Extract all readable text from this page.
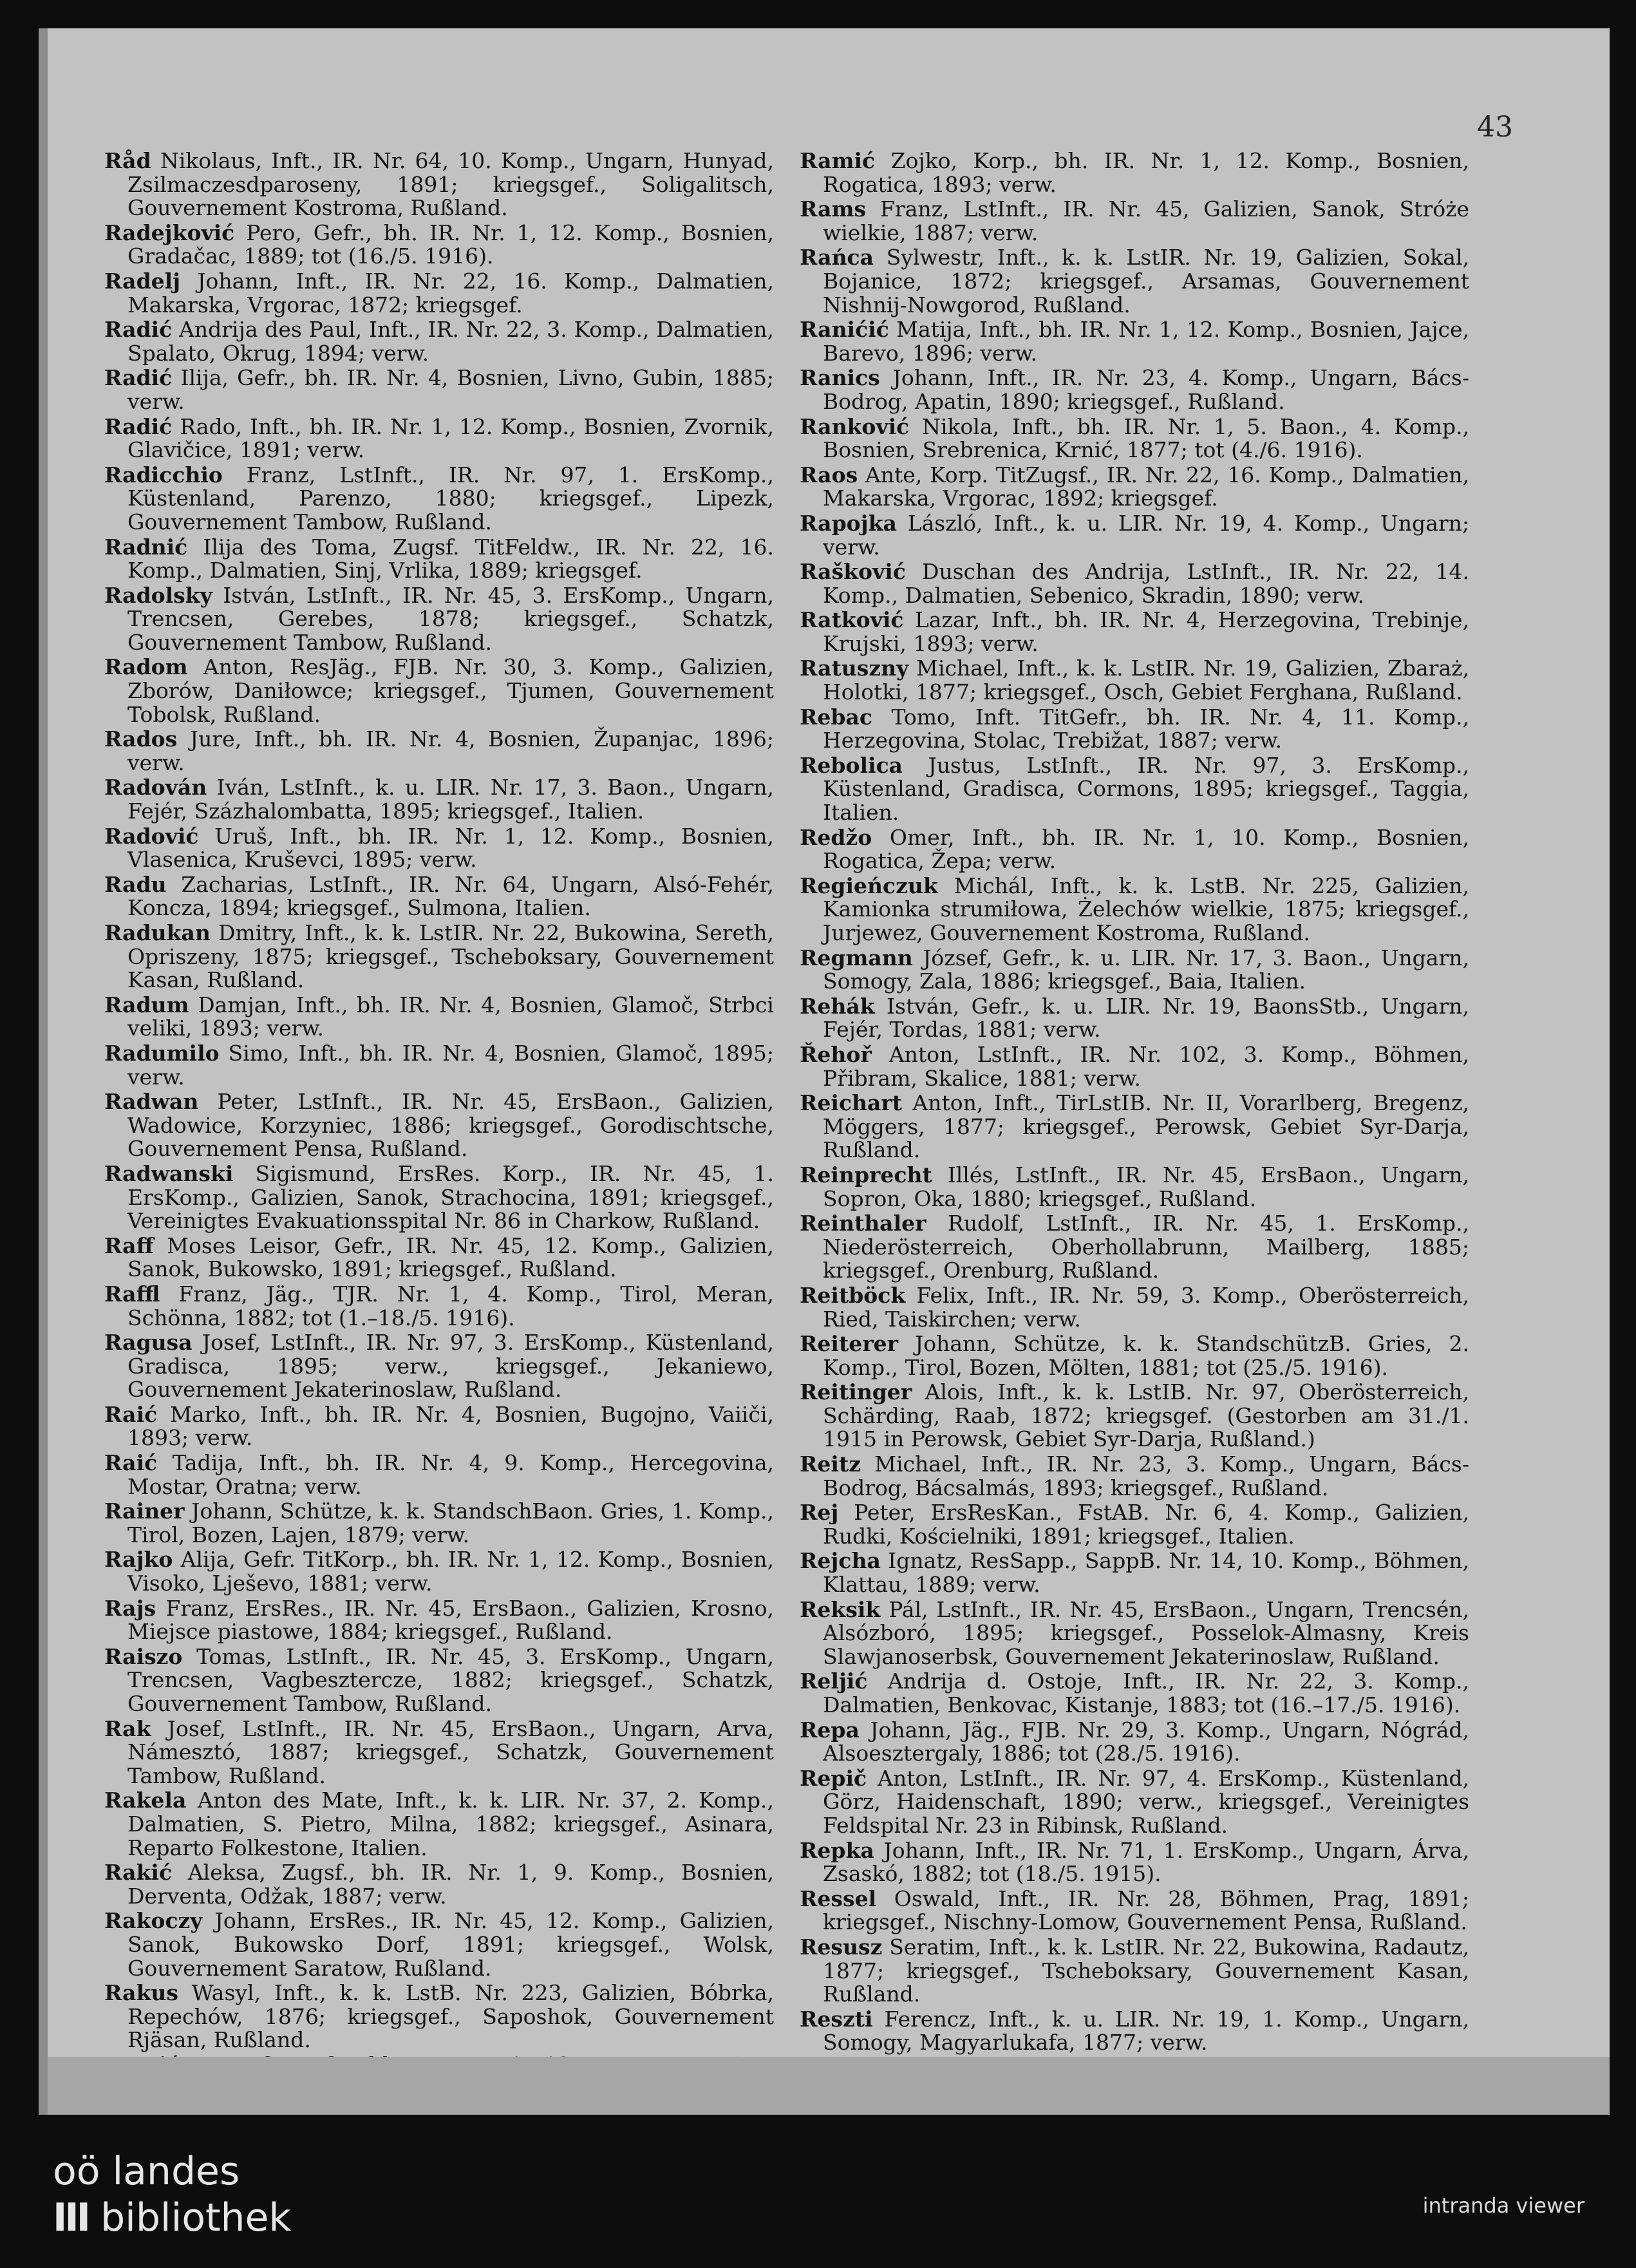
43
Råd Nikolaus, Inft., IR. Nr. 64, 10. Komp., Ungarn, Hunyad, Zsilmaczesdparoseny, 1891; kriegsgef., Soligalitsch, Gouvernement Kostroma, Rußland.
Radejković Pero, Gefr., bh. IR. Nr. 1, 12. Komp., Bosnien, Gradačac, 1889; tot (16./5. 1916).
Radelj Johann, Inft., IR. Nr. 22, 16. Komp., Dalmatien, Makarska, Vrgorac, 1872; kriegsgef.
Radić Andrija des Paul, Inft., IR. Nr. 22, 3. Komp., Dalmatien, Spalato, Okrug, 1894; verw.
Radić Ilija, Gefr., bh. IR. Nr. 4, Bosnien, Livno, Gubin, 1885; verw.
Radić Rado, Inft., bh. IR. Nr. 1, 12. Komp., Bosnien, Zvornik, Glavičice, 1891; verw.
Radicchio Franz, LstInft., IR. Nr. 97, 1. ErsKomp., Küstenland, Parenzo, 1880; kriegsgef., Lipezk, Gouvernement Tambow, Rußland.
Radnić Ilija des Toma, Zugsf. TitFeldw., IR. Nr. 22, 16. Komp., Dalmatien, Sinj, Vrlika, 1889; kriegsgef.
Radolsky István, LstInft., IR. Nr. 45, 3. ErsKomp., Ungarn, Trencsen, Gerebes, 1878; kriegsgef., Schatzk, Gouvernement Tambow, Rußland.
Radom Anton, ResJäg., FJB. Nr. 30, 3. Komp., Galizien, Zborów, Daniłowce; kriegsgef., Tjumen, Gouvernement Tobolsk, Rußland.
Rados Jure, Inft., bh. IR. Nr. 4, Bosnien, Županjac, 1896; verw.
Radován Iván, LstInft., k. u. LIR. Nr. 17, 3. Baon., Ungarn, Fejér, Százhalombatta, 1895; kriegsgef., Italien.
Radović Uruš, Inft., bh. IR. Nr. 1, 12. Komp., Bosnien, Vlasenica, Kruševci, 1895; verw.
Radu Zacharias, LstInft., IR. Nr. 64, Ungarn, Alsó-Fehér, Koncza, 1894; kriegsgef., Sulmona, Italien.
Radukan Dmitry, Inft., k. k. LstIR. Nr. 22, Bukowina, Sereth, Opriszeny, 1875; kriegsgef., Tscheboksary, Gouvernement Kasan, Rußland.
Radum Damjan, Inft., bh. IR. Nr. 4, Bosnien, Glamoč, Strbci veliki, 1893; verw.
Radumilo Simo, Inft., bh. IR. Nr. 4, Bosnien, Glamoč, 1895; verw.
Radwan Peter, LstInft., IR. Nr. 45, ErsBaon., Galizien, Wadowice, Korzyniec, 1886; kriegsgef., Gorodischtsche, Gouvernement Pensa, Rußland.
Radwanski Sigismund, ErsRes. Korp., IR. Nr. 45, 1. ErsKomp., Galizien, Sanok, Strachocina, 1891; kriegsgef., Vereinigtes Evakuationsspital Nr. 86 in Charkow, Rußland.
Raff Moses Leisor, Gefr., IR. Nr. 45, 12. Komp., Galizien, Sanok, Bukowsko, 1891; kriegsgef., Rußland.
Raffl Franz, Jäg., TJR. Nr. 1, 4. Komp., Tirol, Meran, Schönna, 1882; tot (1.–18./5. 1916).
Ragusa Josef, LstInft., IR. Nr. 97, 3. ErsKomp., Küstenland, Gradisca, 1895; verw., kriegsgef., Jekaniewo, Gouvernement Jekaterinoslaw, Rußland.
Raić Marko, Inft., bh. IR. Nr. 4, Bosnien, Bugojno, Vaiiči, 1893; verw.
Raić Tadija, Inft., bh. IR. Nr. 4, 9. Komp., Hercegovina, Mostar, Oratna; verw.
Rainer Johann, Schütze, k. k. StandschBaon. Gries, 1. Komp., Tirol, Bozen, Lajen, 1879; verw.
Rajko Alija, Gefr. TitKorp., bh. IR. Nr. 1, 12. Komp., Bosnien, Visoko, Lješevo, 1881; verw.
Rajs Franz, ErsRes., IR. Nr. 45, ErsBaon., Galizien, Krosno, Miejsce piastowe, 1884; kriegsgef., Rußland.
Raiszo Tomas, LstInft., IR. Nr. 45, 3. ErsKomp., Ungarn, Trencsen, Vagbeszterczе, 1882; kriegsgef., Schatzk, Gouvernement Tambow, Rußland.
Rak Josef, LstInft., IR. Nr. 45, ErsBaon., Ungarn, Arva, Námesztó, 1887; kriegsgef., Schatzk, Gouvernement Tambow, Rußland.
Rakela Anton des Mate, Inft., k. k. LIR. Nr. 37, 2. Komp., Dalmatien, S. Pietro, Milna, 1882; kriegsgef., Asinara, Reparto Folkestone, Italien.
Rakić Aleksa, Zugsf., bh. IR. Nr. 1, 9. Komp., Bosnien, Derventa, Odžak, 1887; verw.
Rakoczy Johann, ErsRes., IR. Nr. 45, 12. Komp., Galizien, Sanok, Bukowsko Dorf, 1891; kriegsgef., Wolsk, Gouvernement Saratow, Rußland.
Rakus Wasyl, Inft., k. k. LstB. Nr. 223, Galizien, Bóbrka, Repechów, 1876; kriegsgef., Saposhok, Gouvernement Rjäsan, Rußland.
Ramić Zojko, Korp., bh. IR. Nr. 1, 12. Komp., Bosnien, Rogatica, 1893; verw.
Rams Franz, LstInft., IR. Nr. 45, Galizien, Sanok, Stróże wielkie, 1887; verw.
Rańca Sylwestr, Inft., k. k. LstIR. Nr. 19, Galizien, Sokal, Bojanice, 1872; kriegsgef., Arsamas, Gouvernement Nishnij-Nowgorod, Rußland.
Ranićić Matija, Inft., bh. IR. Nr. 1, 12. Komp., Bosnien, Jajce, Barevo, 1896; verw.
Ranics Johann, Inft., IR. Nr. 23, 4. Komp., Ungarn, Bács-Bodrog, Apatin, 1890; kriegsgef., Rußland.
Ranković Nikola, Inft., bh. IR. Nr. 1, 5. Baon., 4. Komp., Bosnien, Srebrenica, Krnić, 1877; tot (4./6. 1916).
Raos Ante, Korp. TitZugsf., IR. Nr. 22, 16. Komp., Dalmatien, Makarska, Vrgorac, 1892; kriegsgef.
Rapojka László, Inft., k. u. LIR. Nr. 19, 4. Komp., Ungarn; verw.
Rašković Duschan des Andrija, LstInft., IR. Nr. 22, 14. Komp., Dalmatien, Sebenico, Skradin, 1890; verw.
Ratković Lazar, Inft., bh. IR. Nr. 4, Herzegovina, Trebinje, Krujski, 1893; verw.
Ratuszny Michael, Inft., k. k. LstIR. Nr. 19, Galizien, Zbaraż, Holotki, 1877; kriegsgef., Osch, Gebiet Ferghana, Rußland.
Rebac Tomo, Inft. TitGefr., bh. IR. Nr. 4, 11. Komp., Herzegovina, Stolac, Trebižat, 1887; verw.
Rebolica Justus, LstInft., IR. Nr. 97, 3. ErsKomp., Küstenland, Gradisca, Cormons, 1895; kriegsgef., Taggia, Italien.
Redžo Omer, Inft., bh. IR. Nr. 1, 10. Komp., Bosnien, Rogatica, Žepa; verw.
Regieńczuk Michál, Inft., k. k. LstB. Nr. 225, Galizien, Kamionka strumiłowa, Żelechów wielkie, 1875; kriegsgef., Jurjewez, Gouvernement Kostroma, Rußland.
Regmann József, Gefr., k. u. LIR. Nr. 17, 3. Baon., Ungarn, Somogy, Zala, 1886; kriegsgef., Baia, Italien.
Rehák István, Gefr., k. u. LIR. Nr. 19, BaonsStb., Ungarn, Fejér, Tordas, 1881; verw.
Řehoř Anton, LstInft., IR. Nr. 102, 3. Komp., Böhmen, Přibram, Skalice, 1881; verw.
Reichart Anton, Inft., TirLstIB. Nr. II, Vorarlberg, Bregenz, Möggers, 1877; kriegsgef., Perowsk, Gebiet Syr-Darja, Rußland.
Reinprecht Illés, LstInft., IR. Nr. 45, ErsBaon., Ungarn, Sopron, Oka, 1880; kriegsgef., Rußland.
Reinthaler Rudolf, LstInft., IR. Nr. 45, 1. ErsKomp., Niederösterreich, Oberhollabrunn, Mailberg, 1885; kriegsgef., Orenburg, Rußland.
Reitböck Felix, Inft., IR. Nr. 59, 3. Komp., Oberösterreich, Ried, Taiskirchen; verw.
Reiterer Johann, Schütze, k. k. StandschützB. Gries, 2. Komp., Tirol, Bozen, Mölten, 1881; tot (25./5. 1916).
Reitinger Alois, Inft., k. k. LstIB. Nr. 97, Oberösterreich, Schärding, Raab, 1872; kriegsgef. (Gestorben am 31./1. 1915 in Perowsk, Gebiet Syr-Darja, Rußland.)
Reitz Michael, Inft., IR. Nr. 23, 3. Komp., Ungarn, Bács-Bodrog, Bácsalmás, 1893; kriegsgef., Rußland.
Rej Peter, ErsResKan., FstAB. Nr. 6, 4. Komp., Galizien, Rudki, Kościelniki, 1891; kriegsgef., Italien.
Rejcha Ignatz, ResSapp., SappB. Nr. 14, 10. Komp., Böhmen, Klattau, 1889; verw.
Reksik Pál, LstInft., IR. Nr. 45, ErsBaon., Ungarn, Trencsén, Alsózboró, 1895; kriegsgef., Posselok-Almasny, Kreis Slawjanoserbsk, Gouvernement Jekaterinoslaw, Rußland.
Reljić Andrija d. Ostoje, Inft., IR. Nr. 22, 3. Komp., Dalmatien, Benkovac, Kistanje, 1883; tot (16.–17./5. 1916).
Repa Johann, Jäg., FJB. Nr. 29, 3. Komp., Ungarn, Nógrád, Alsoesztergaly, 1886; tot (28./5. 1916).
Repič Anton, LstInft., IR. Nr. 97, 4. ErsKomp., Küstenland, Görz, Haidenschaft, 1890; verw., kriegsgef., Vereinigtes Feldspital Nr. 23 in Ribinsk, Rußland.
Repka Johann, Inft., IR. Nr. 71, 1. ErsKomp., Ungarn, Árva, Zsaskó, 1882; tot (18./5. 1915).
Ressel Oswald, Inft., IR. Nr. 28, Böhmen, Prag, 1891; kriegsgef., Nischny-Lomow, Gouvernement Pensa, Rußland.
Resusz Seratim, Inft., k. k. LstIR. Nr. 22, Bukowina, Radautz, 1877; kriegsgef., Tscheboksary, Gouvernement Kasan, Rußland.
Reszti Ferencz, Inft., k. u. LIR. Nr. 19, 1. Komp., Ungarn, Somogy, Magyarlukafa, 1877; verw.
oö landes
III bibliothek	intranda viewer
